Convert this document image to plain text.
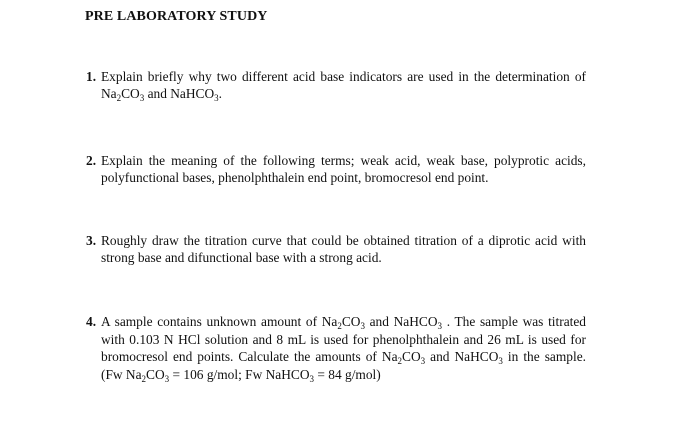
PRE LABORATORY STUDY
1. Explain briefly why two different acid base indicators are used in the determination of $Na_2CO_3$ and NaHCO$_3$.
2. Explain the meaning of the following terms; weak acid, weak base, polyprotic acids, polyfunctional bases, phenolphthalein end point, bromocresol end point.
3. Roughly draw the titration curve that could be obtained titration of a diprotic acid with strong base and difunctional base with a strong acid.
4. A sample contains unknown amount of $Na_2CO_3$ and NaHCO$_3$ . The sample was titrated with 0.103 N HCl solution and 8 mL is used for phenolphthalein and 26 mL is used for bromocresol end points. Calculate the amounts of $Na_2CO_3$ and NaHCO$_3$ in the sample. (Fw $Na_2CO_3 = 106$ g/mol; Fw NaHCO$_3$ = 84 g/mol)
